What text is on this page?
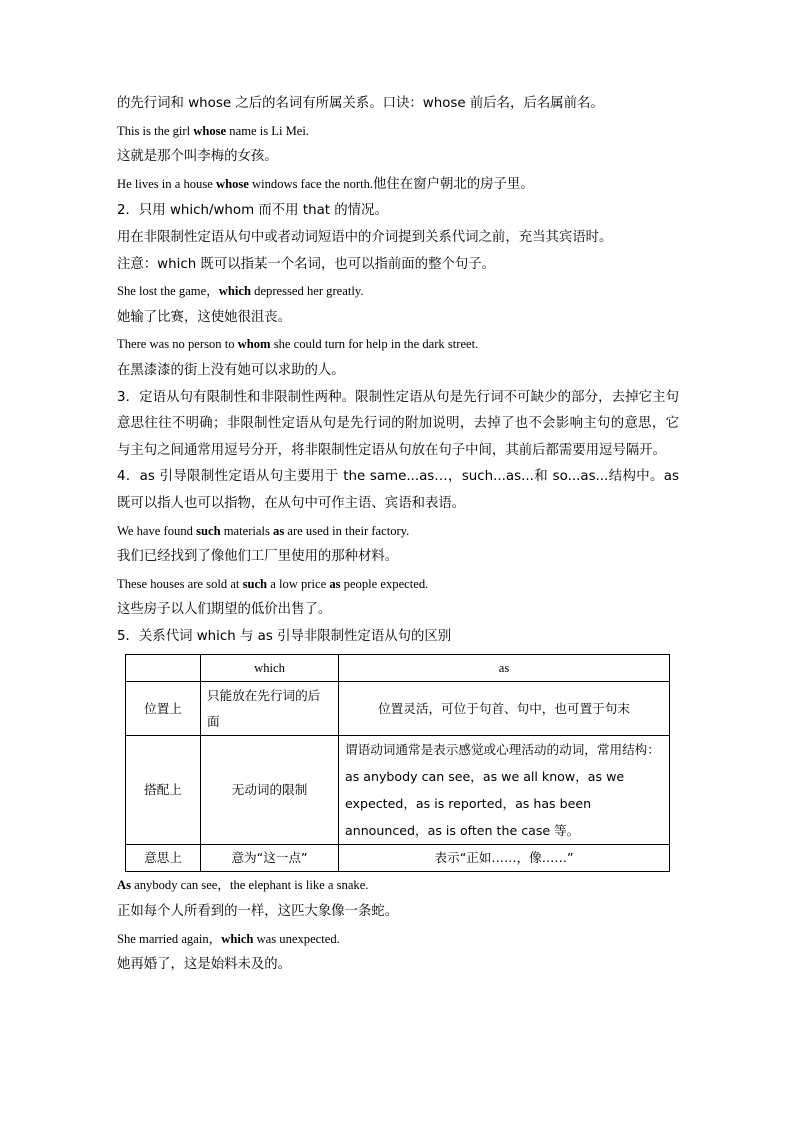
的先行词和 whose 之后的名词有所属关系。口诀：whose 前后名，后名属前名。
This is the girl whose name is Li Mei.
这就是那个叫李梅的女孩。
He lives in a house whose windows face the north.他住在窗户朝北的房子里。
2．只用 which/whom 而不用 that 的情况。
用在非限制性定语从句中或者动词短语中的介词提到关系代词之前，充当其宾语时。
注意：which 既可以指某一个名词，也可以指前面的整个句子。
She lost the game，which depressed her greatly.
她输了比赛，这使她很沮丧。
There was no person to whom she could turn for help in the dark street.
在黑漆漆的街上没有她可以求助的人。
3．定语从句有限制性和非限制性两种。限制性定语从句是先行词不可缺少的部分，去掉它主句意思往往不明确；非限制性定语从句是先行词的附加说明，去掉了也不会影响主句的意思，它与主句之间通常用逗号分开，将非限制性定语从句放在句子中间，其前后都需要用逗号隔开。
4．as 引导限制性定语从句主要用于 the same...as…，such...as...和 so...as...结构中。as 既可以指人也可以指物，在从句中可作主语、宾语和表语。
We have found such materials as are used in their factory.
我们已经找到了像他们工厂里使用的那种材料。
These houses are sold at such a low price as people expected.
这些房子以人们期望的低价出售了。
5．关系代词 which 与 as 引导非限制性定语从句的区别
	which	as
位置上	只能放在先行词的后面	位置灵活，可位于句首、句中，也可置于句末
搭配上	无动词的限制	谓语动词通常是表示感觉或心理活动的动词，常用结构：as anybody can see，as we all know，as we expected，as is reported，as has been announced，as is often the case 等。
意思上	意为“这一点”	表示“正如……，像……”
As anybody can see，the elephant is like a snake.
正如每个人所看到的一样，这匹大象像一条蛇。
She married again，which was unexpected.
她再婚了，这是始料未及的。
